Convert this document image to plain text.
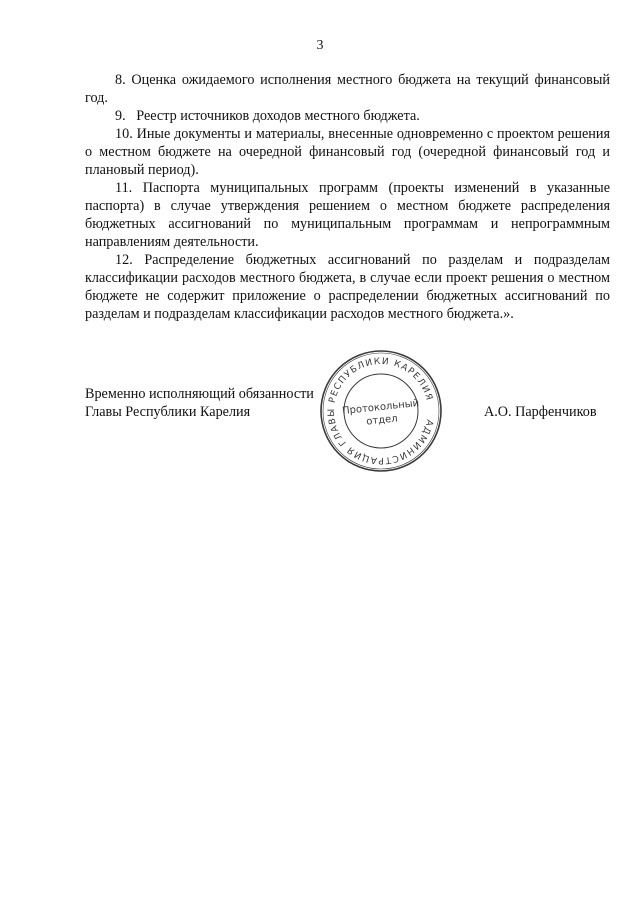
3

8. Оценка ожидаемого исполнения местного бюджета на текущий финансовый год.

9.   Реестр источников доходов местного бюджета.

10. Иные документы и материалы, внесенные одновременно с проектом решения о местном бюджете на очередной финансовый год (очередной финансовый год и плановый период).

11. Паспорта муниципальных программ (проекты изменений в указанные паспорта) в случае утверждения решением о местном бюджете распределения бюджетных ассигнований по муниципальным программам и непрограммным направлениям деятельности.

12. Распределение бюджетных ассигнований по разделам и подразделам классификации расходов местного бюджета, в случае если проект решения о местном бюджете не содержит приложение о распределении бюджетных ассигнований по разделам и подразделам классификации расходов местного бюджета.».

Временно исполняющий обязанности
Главы Республики Карелия	А.О. Парфенчиков
АДМИНИСТРАЦИЯ ГЛАВЫ РЕСПУБЛИКИ КАРЕЛИЯ
Протокольный
отдел
